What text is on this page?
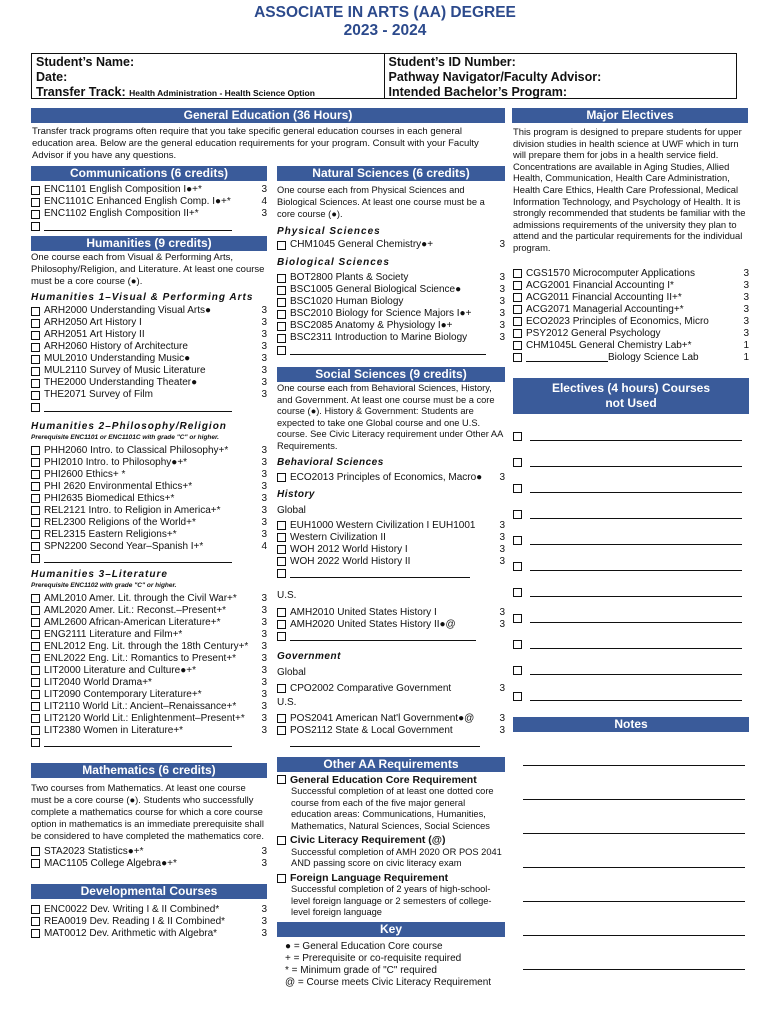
ASSOCIATE IN ARTS (AA) DEGREE
2023 - 2024
Student’s Name:
Date:
Transfer Track: Health Administration - Health Science Option
Student’s ID Number:
Pathway Navigator/Faculty Advisor:
Intended Bachelor’s Program:
General Education (36 Hours)
Transfer track programs often require that you take specific general education courses in each general education area. Below are the general education requirements for your program. Consult with your Faculty Advisor if you have any questions.
Major Electives
Communications (6 credits)
ENC1101 English Composition I●+*	3
ENC1101C Enhanced English Comp. I●+*	4
ENC1102 English Composition II+*	3
Humanities (9 credits)
One course each from Visual & Performing Arts, Philosophy/Religion, and Literature. At least one course must be a core course (●).
Humanities 1–Visual & Performing Arts
ARH2000 Understanding Visual Arts●	3
ARH2050 Art History I	3
ARH2051 Art History II	3
ARH2060 History of Architecture	3
MUL2010 Understanding Music●	3
MUL2110 Survey of Music Literature	3
THE2000 Understanding Theater●	3
THE2071 Survey of Film	3
Humanities 2–Philosophy/Religion
Prerequisite ENC1101 or ENC1101C with grade "C" or higher.
PHH2060 Intro. to Classical Philosophy+*	3
PHI2010 Intro. to Philosophy●+*	3
PHI2600 Ethics+ *	3
PHI 2620 Environmental Ethics+*	3
PHI2635 Biomedical Ethics+*	3
REL2121 Intro. to Religion in America+*	3
REL2300 Religions of the World+*	3
REL2315 Eastern Religions+*	3
SPN2200 Second Year–Spanish I+*	4
Humanities 3–Literature
Prerequisite ENC1102 with grade "C" or higher.
AML2010 Amer. Lit. through the Civil War+*	3
AML2020 Amer. Lit.: Reconst.–Present+*	3
AML2600 African-American Literature+*	3
ENG2111 Literature and Film+*	3
ENL2012 Eng. Lit. through the 18th Century+*	3
ENL2022 Eng. Lit.: Romantics to Present+*	3
LIT2000 Literature and Culture●+*	3
LIT2040 World Drama+*	3
LIT2090 Contemporary Literature+*	3
LIT2110 World Lit.: Ancient–Renaissance+*	3
LIT2120 World Lit.: Enlightenment–Present+*	3
LIT2380 Women in Literature+*	3
Mathematics (6 credits)
Two courses from Mathematics. At least one course must be a core course (●). Students who successfully complete a mathematics course for which a core course option in mathematics is an immediate prerequisite shall be considered to have completed the mathematics core.
STA2023 Statistics●+*	3
MAC1105 College Algebra●+*	3
Developmental Courses
ENC0022 Dev. Writing I & II Combined*	3
REA0019 Dev. Reading I & II Combined*	3
MAT0012 Dev. Arithmetic with Algebra*	3
Natural Sciences (6 credits)
One course each from Physical Sciences and Biological Sciences. At least one course must be a core course (●).
Physical Sciences
CHM1045 General Chemistry●+	3
Biological Sciences
BOT2800 Plants & Society	3
BSC1005 General Biological Science●	3
BSC1020 Human Biology	3
BSC2010 Biology for Science Majors I●+	3
BSC2085 Anatomy & Physiology I●+	3
BSC2311 Introduction to Marine Biology	3
Social Sciences (9 credits)
One course each from Behavioral Sciences, History, and Government. At least one course must be a core course (●). History & Government: Students are expected to take one Global course and one U.S. course. See Civic Literacy requirement under Other AA Requirements.
Behavioral Sciences
ECO2013 Principles of Economics, Macro●	3
History
Global
EUH1000 Western Civilization I EUH1001	3
Western Civilization II	3
WOH 2012 World History I	3
WOH 2022 World History II	3
U.S.
AMH2010 United States History I	3
AMH2020 United States History II●@	3
Government
Global
CPO2002 Comparative Government	3
U.S.
POS2041 American Nat'l Government●@	3
POS2112 State & Local Government	3
Other AA Requirements
General Education Core Requirement
Successful completion of at least one dotted core course from each of the five major general education areas: Communications, Humanities, Mathematics, Natural Sciences, Social Sciences
Civic Literacy Requirement (@)
Successful completion of AMH 2020 OR POS 2041 AND passing score on civic literacy exam
Foreign Language Requirement
Successful completion of 2 years of high-school-level foreign language or 2 semesters of college-level foreign language
Key
● = General Education Core course
+ = Prerequisite or co-requisite required
* = Minimum grade of "C" required
@ = Course meets Civic Literacy Requirement
This program is designed to prepare students for upper division studies in health science at UWF which in turn will prepare them for jobs in a health service field. Concentrations are available in Aging Studies, Allied Health, Communication, Health Care Administration, Health Care Ethics, Health Care Professional, Medical Information Technology, and Psychology of Health. It is strongly recommended that students be familiar with the admissions requirements of the university they plan to attend and the particular requirements for the individual program.
CGS1570 Microcomputer Applications	3
ACG2001 Financial Accounting I*	3
ACG2011 Financial Accounting II+*	3
ACG2071 Managerial Accounting+*	3
ECO2023 Principles of Economics, Micro	3
PSY2012 General Psychology	3
CHM1045L General Chemistry Lab+*	1
Biology Science Lab	1
Electives (4 hours) Courses
not Used
Notes
